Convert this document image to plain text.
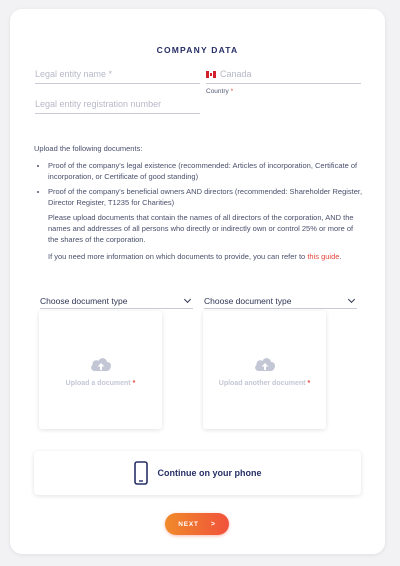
COMPANY DATA
Legal entity name *
Canada
Country *
Legal entity registration number

Upload the following documents:

• Proof of the company's legal existence (recommended: Articles of incorporation, Certificate of incorporation, or Certificate of good standing)
• Proof of the company's beneficial owners AND directors (recommended: Shareholder Register, Director Register, T1235 for Charities)

Please upload documents that contain the names of all directors of the corporation, AND the names and addresses of all persons who directly or indirectly own or control 25% or more of the shares of the corporation.

If you need more information on which documents to provide, you can refer to this guide.

Choose document type	Choose document type
Upload a document *	Upload another document *
Continue on your phone
NEXT >
